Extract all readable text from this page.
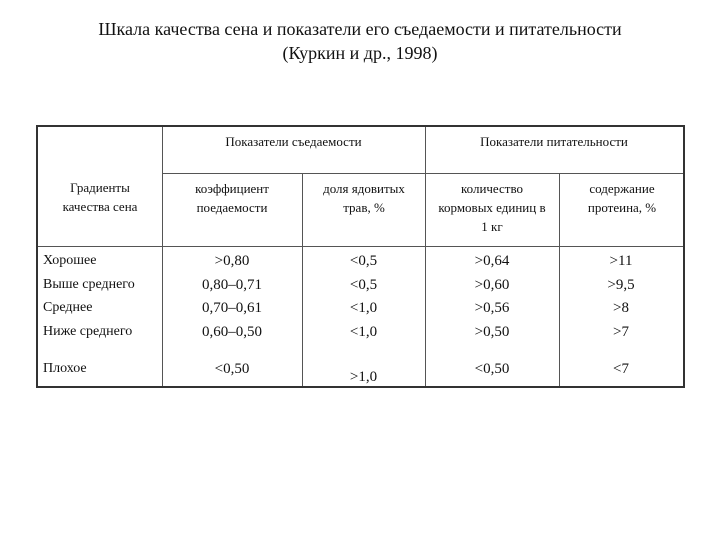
Шкала качества сена и показатели его съедаемости и питательности
(Куркин и др., 1998)
Показатели съедаемости	Показатели питательности
Градиенты качества сена
коэффициент поедаемости
доля ядовитых трав, %
количество кормовых единиц в 1 кг
содержание протеина, %
Хорошее
Выше среднего
Среднее
Ниже среднего
Плохое
>0,80
0,80–0,71
0,70–0,61
0,60–0,50
<0,50
<0,5
<0,5
<1,0
<1,0
>1,0
>0,64
>0,60
>0,56
>0,50
<0,50
>11
>9,5
>8
>7
<7
